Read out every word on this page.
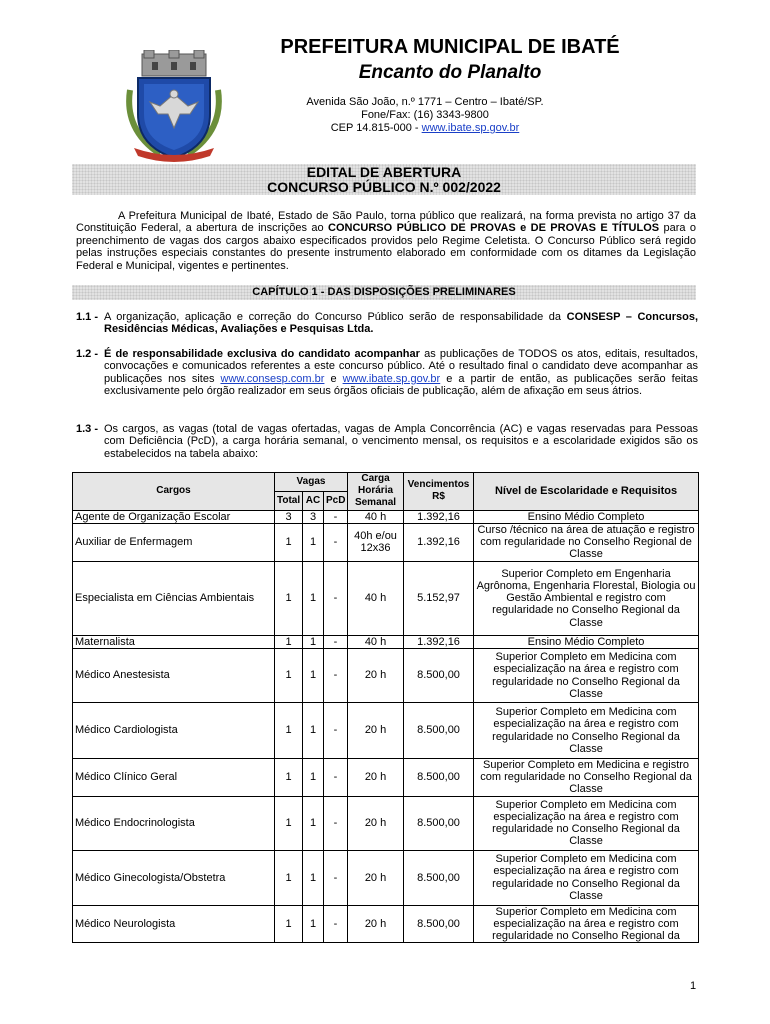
PREFEITURA MUNICIPAL DE IBATÉ
Encanto do Planalto
Avenida São João, n.º 1771 – Centro – Ibaté/SP.
Fone/Fax: (16) 3343-9800
CEP 14.815-000 - www.ibate.sp.gov.br
EDITAL DE ABERTURA
CONCURSO PÚBLICO N.º 002/2022
A Prefeitura Municipal de Ibaté, Estado de São Paulo, torna público que realizará, na forma prevista no artigo 37 da Constituição Federal, a abertura de inscrições ao CONCURSO PÚBLICO DE PROVAS e DE PROVAS E TÍTULOS para o preenchimento de vagas dos cargos abaixo especificados providos pelo Regime Celetista. O Concurso Público será regido pelas instruções especiais constantes do presente instrumento elaborado em conformidade com os ditames da Legislação Federal e Municipal, vigentes e pertinentes.
CAPÍTULO 1 - DAS DISPOSIÇÕES PRELIMINARES
1.1 - A organização, aplicação e correção do Concurso Público serão de responsabilidade da CONSESP – Concursos, Residências Médicas, Avaliações e Pesquisas Ltda.
1.2 - É de responsabilidade exclusiva do candidato acompanhar as publicações de TODOS os atos, editais, resultados, convocações e comunicados referentes a este concurso público. Até o resultado final o candidato deve acompanhar as publicações nos sites www.consesp.com.br e www.ibate.sp.gov.br e a partir de então, as publicações serão feitas exclusivamente pelo órgão realizador em seus órgãos oficiais de publicação, além de afixação em seus átrios.
1.3 - Os cargos, as vagas (total de vagas ofertadas, vagas de Ampla Concorrência (AC) e vagas reservadas para Pessoas com Deficiência (PcD), a carga horária semanal, o vencimento mensal, os requisitos e a escolaridade exigidos são os estabelecidos na tabela abaixo:
Cargos	Vagas			Carga Horária Semanal	Vencimentos R$	Nível de Escolaridade e Requisitos
	Total	AC	PcD			
Agente de Organização Escolar	3	3	-	40 h	1.392,16	Ensino Médio Completo
Auxiliar de Enfermagem	1	1	-	40h e/ou 12x36	1.392,16	Curso /técnico na área de atuação e registro com regularidade no Conselho Regional de Classe
Especialista em Ciências Ambientais	1	1	-	40 h	5.152,97	Superior Completo em Engenharia Agrônoma, Engenharia Florestal, Biologia ou Gestão Ambiental e registro com regularidade no Conselho Regional da Classe
Maternalista	1	1	-	40 h	1.392,16	Ensino Médio Completo
Médico Anestesista	1	1	-	20 h	8.500,00	Superior Completo em Medicina com especialização na área e registro com regularidade no Conselho Regional da Classe
Médico Cardiologista	1	1	-	20 h	8.500,00	Superior Completo em Medicina com especialização na área e registro com regularidade no Conselho Regional da Classe
Médico Clínico Geral	1	1	-	20 h	8.500,00	Superior Completo em Medicina e registro com regularidade no Conselho Regional da Classe
Médico Endocrinologista	1	1	-	20 h	8.500,00	Superior Completo em Medicina com especialização na área e registro com regularidade no Conselho Regional da Classe
Médico Ginecologista/Obstetra	1	1	-	20 h	8.500,00	Superior Completo em Medicina com especialização na área e registro com regularidade no Conselho Regional da Classe
Médico Neurologista	1	1	-	20 h	8.500,00	Superior Completo em Medicina com especialização na área e registro com regularidade no Conselho Regional da
1
